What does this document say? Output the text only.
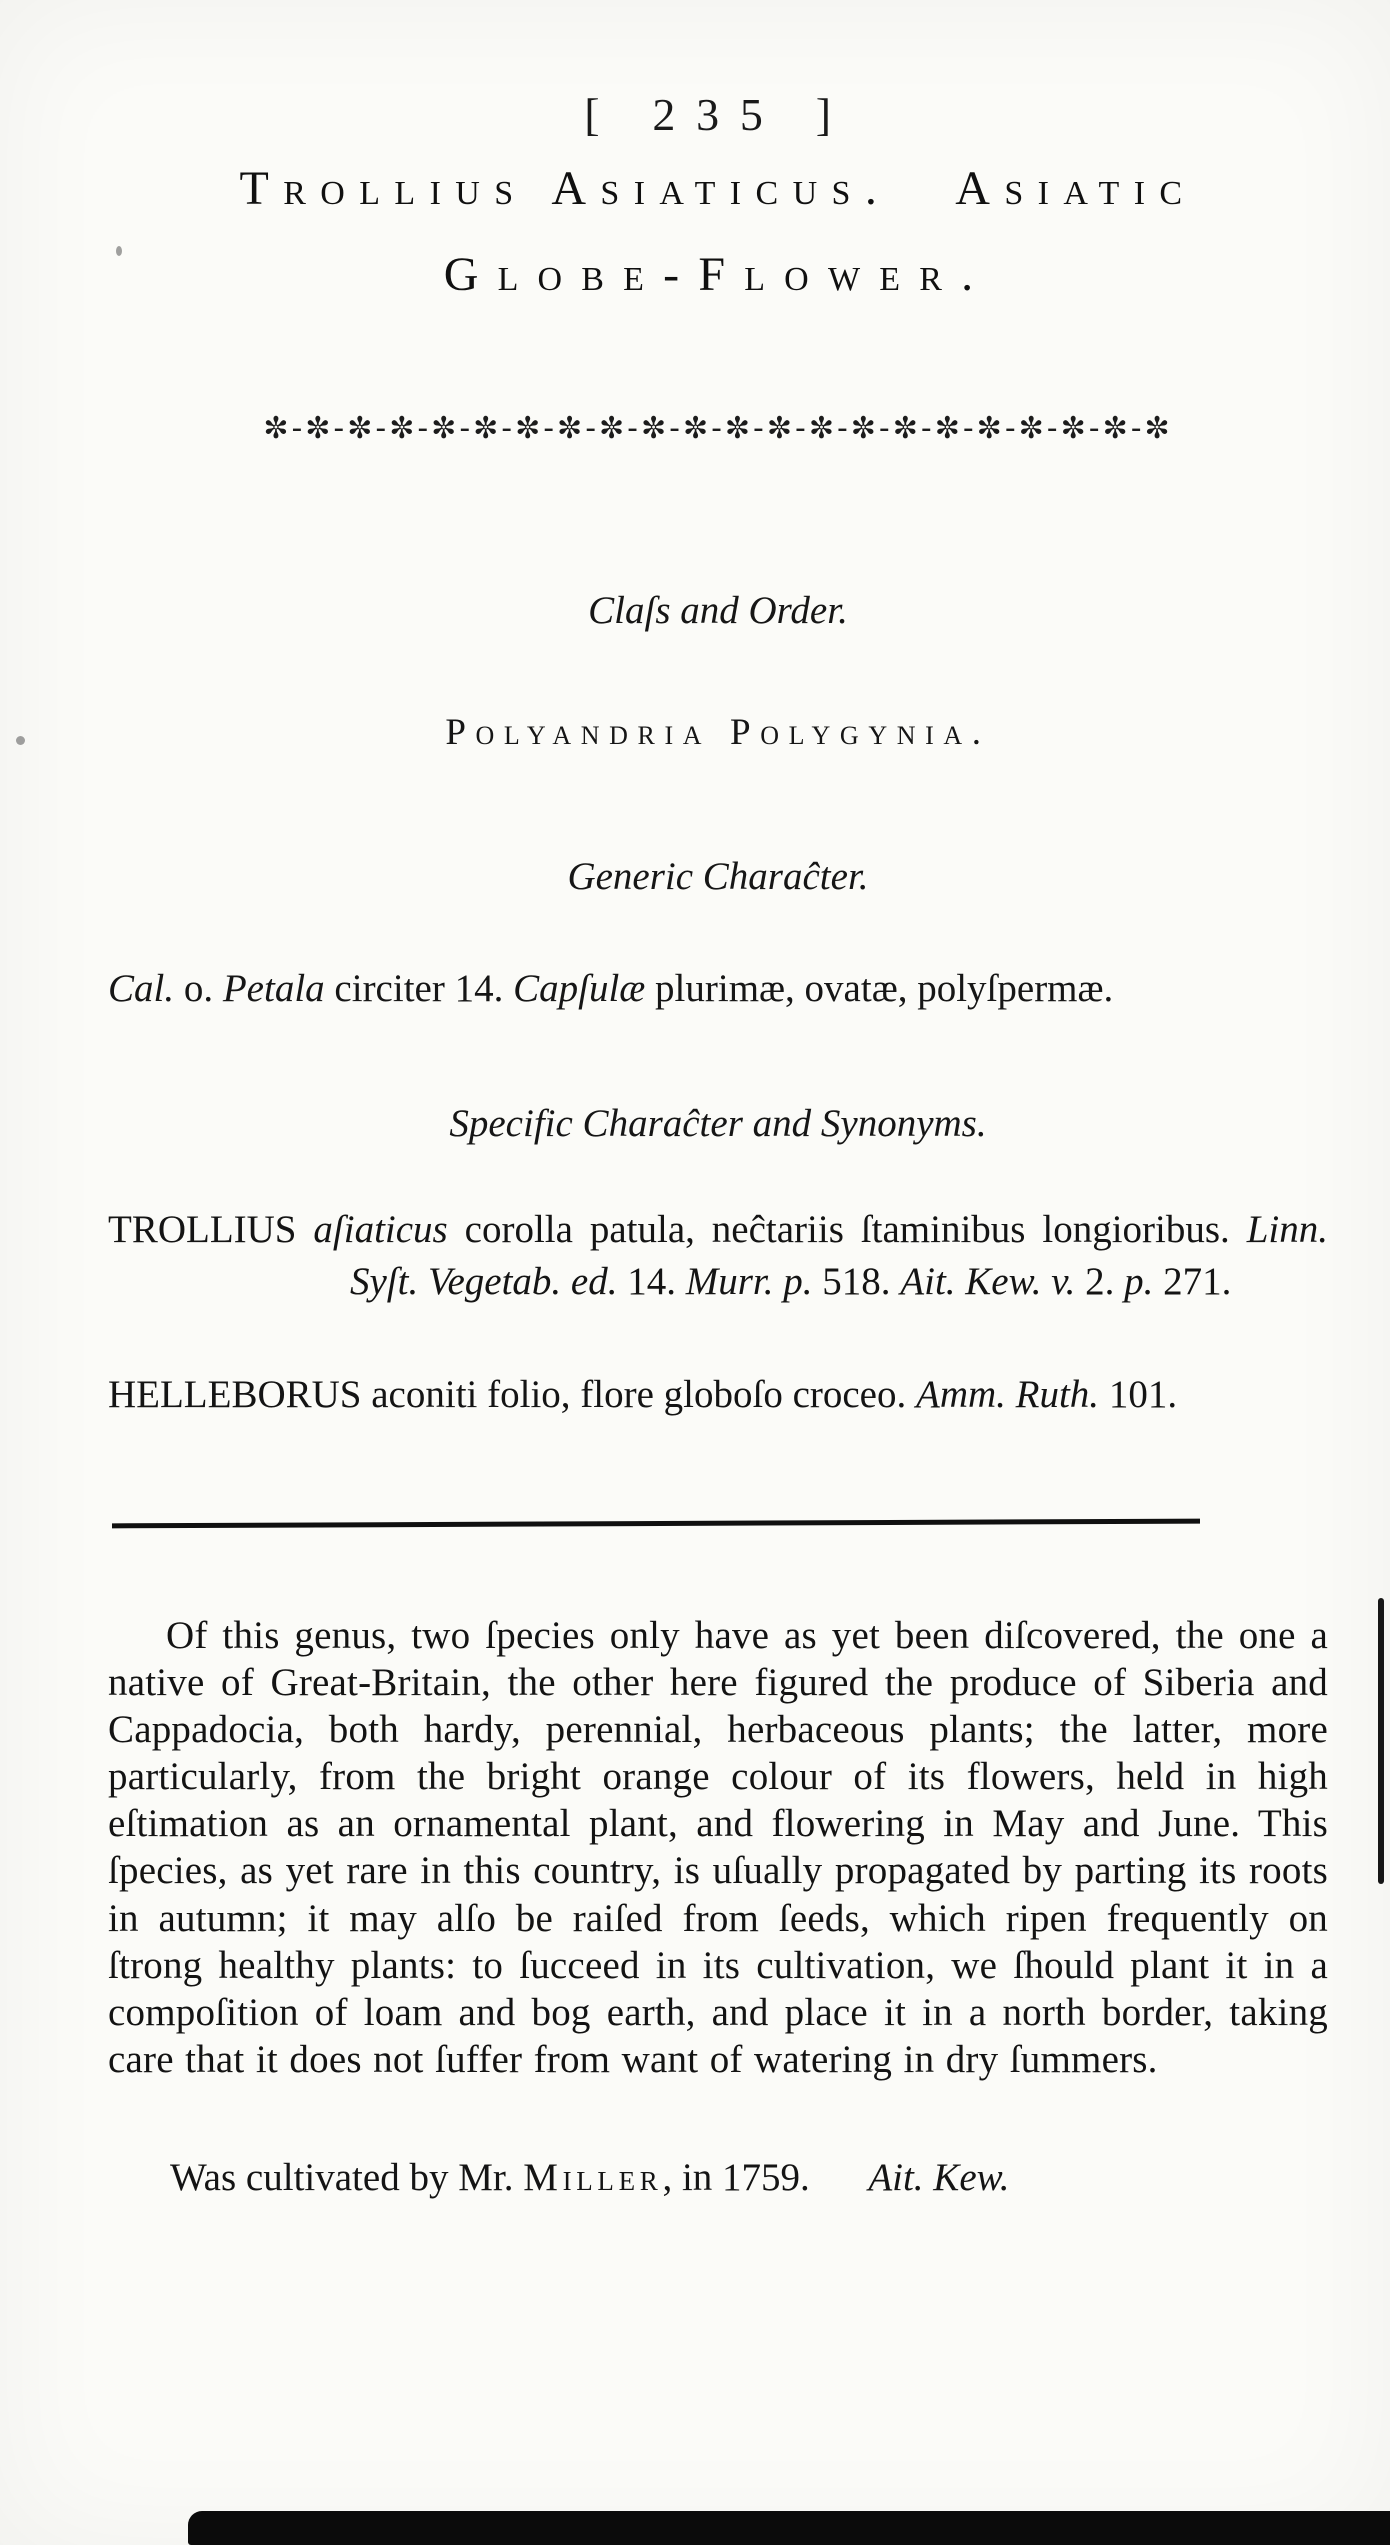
[ 235 ]
Trollius Asiaticus. Asiatic
Globe-Flower.
✼-✼-✼-✼-✼-✼-✼-✼-✼-✼-✼-✼-✼-✼-✼-✼-✼-✼-✼-✼-✼-✼
Claſs and Order.
Polyandria Polygynia.
Generic Charaĉter.
Cal. o. Petala circiter 14. Capſulæ plurimæ, ovatæ, polyſpermæ.
Specific Charaĉter and Synonyms.

TROLLIUS aſiaticus corolla patula, neĉtariis ſtaminibus longioribus. Linn. Syſt. Vegetab. ed. 14. Murr. p. 518. Ait. Kew. v. 2. p. 271.

HELLEBORUS aconiti folio, flore globoſo croceo. Amm. Ruth. 101.

Of this genus, two ſpecies only have as yet been diſcovered, the one a native of Great-Britain, the other here figured the produce of Siberia and Cappadocia, both hardy, perennial, herbaceous plants; the latter, more particularly, from the bright orange colour of its flowers, held in high eſtimation as an ornamental plant, and flowering in May and June. This ſpecies, as yet rare in this country, is uſually propagated by parting its roots in autumn; it may alſo be raiſed from ſeeds, which ripen frequently on ſtrong healthy plants: to ſucceed in its cultivation, we ſhould plant it in a compoſition of loam and bog earth, and place it in a north border, taking care that it does not ſuffer from want of watering in dry ſummers.

Was cultivated by Mr. Miller, in 1759.  Ait. Kew.
